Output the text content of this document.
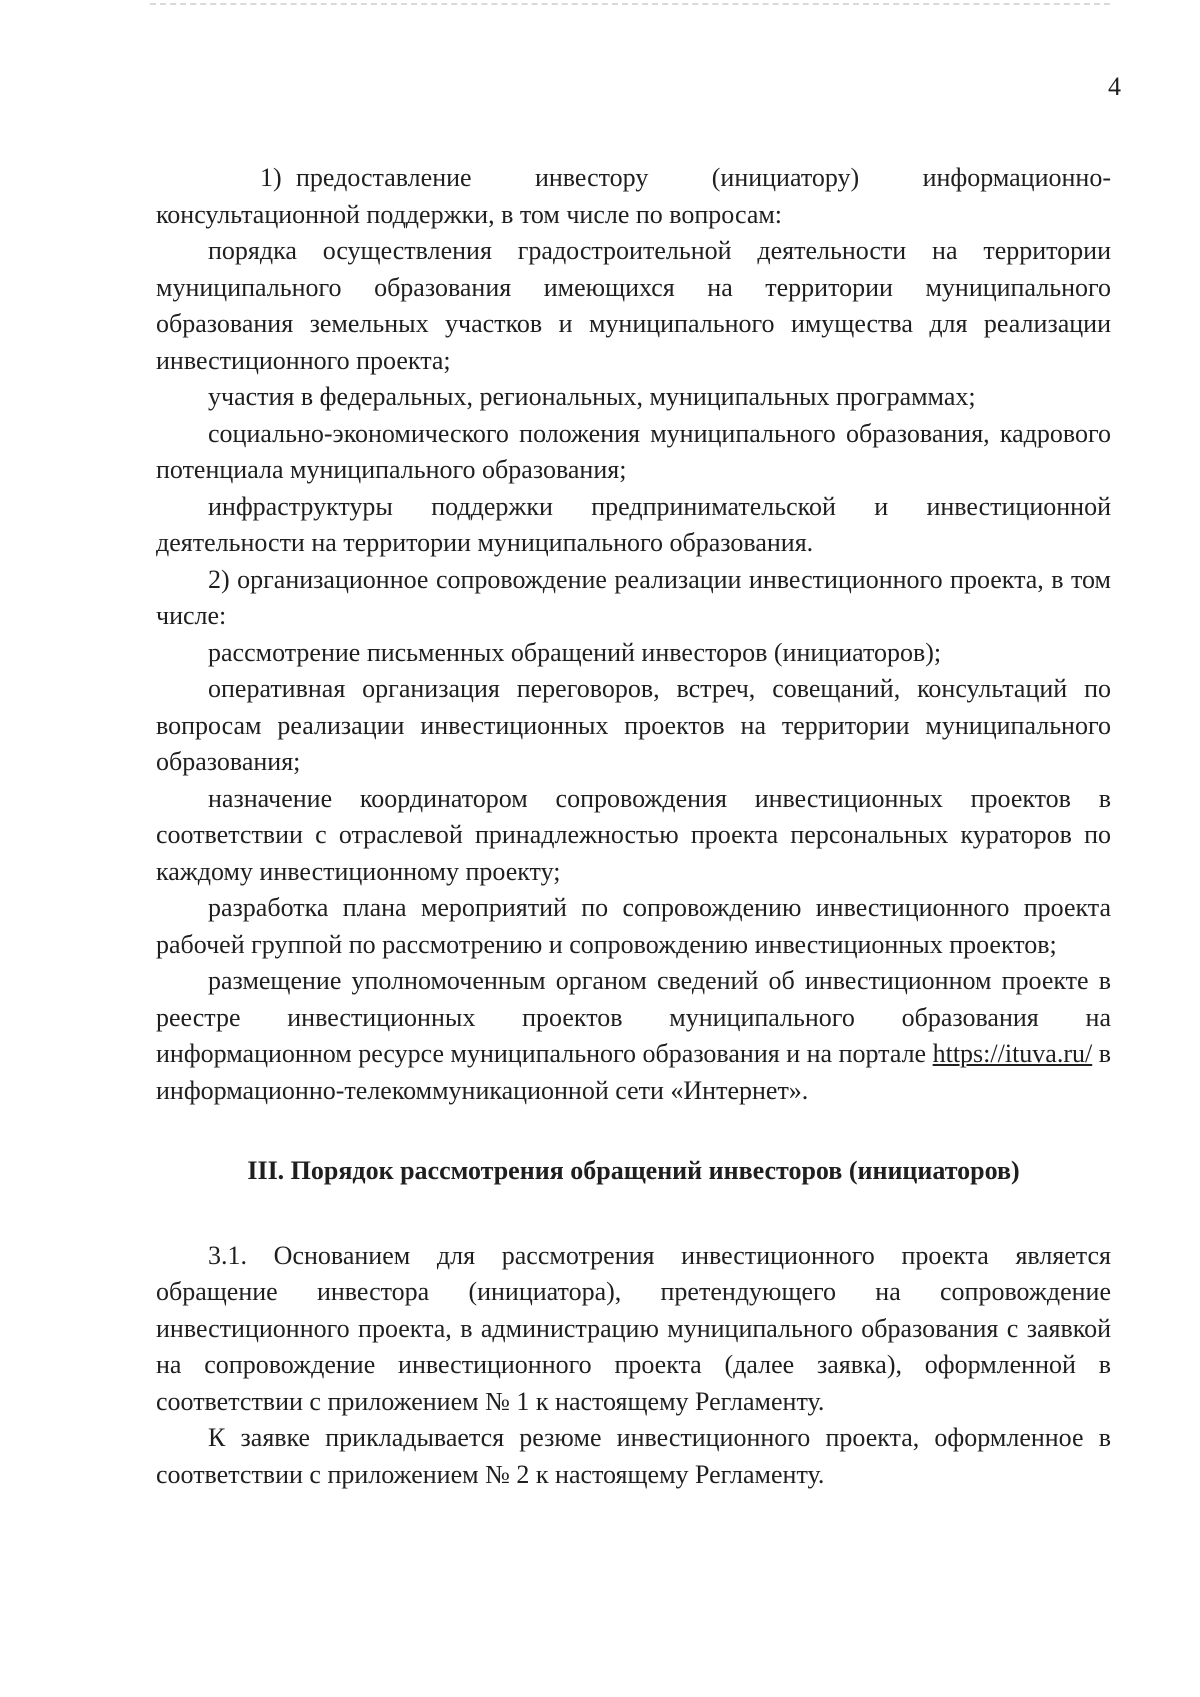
4

1) предоставление инвестору (инициатору) информационно-консультационной поддержки, в том числе по вопросам:

порядка осуществления градостроительной деятельности на территории муниципального образования имеющихся на территории муниципального образования земельных участков и муниципального имущества для реализации инвестиционного проекта;

участия в федеральных, региональных, муниципальных программах;

социально-экономического положения муниципального образования, кадрового потенциала муниципального образования;

инфраструктуры поддержки предпринимательской и инвестиционной деятельности на территории муниципального образования.

2) организационное сопровождение реализации инвестиционного проекта, в том числе:

рассмотрение письменных обращений инвесторов (инициаторов);

оперативная организация переговоров, встреч, совещаний, консультаций по вопросам реализации инвестиционных проектов на территории муниципального образования;

назначение координатором сопровождения инвестиционных проектов в соответствии с отраслевой принадлежностью проекта персональных кураторов по каждому инвестиционному проекту;

разработка плана мероприятий по сопровождению инвестиционного проекта рабочей группой по рассмотрению и сопровождению инвестиционных проектов;

размещение уполномоченным органом сведений об инвестиционном проекте в реестре инвестиционных проектов муниципального образования на информационном ресурсе муниципального образования и на портале https://ituva.ru/ в информационно-телекоммуникационной сети «Интернет».

III. Порядок рассмотрения обращений инвесторов (инициаторов)

3.1. Основанием для рассмотрения инвестиционного проекта является обращение инвестора (инициатора), претендующего на сопровождение инвестиционного проекта, в администрацию муниципального образования с заявкой на сопровождение инвестиционного проекта (далее заявка), оформленной в соответствии с приложением № 1 к настоящему Регламенту.

К заявке прикладывается резюме инвестиционного проекта, оформленное в соответствии с приложением № 2 к настоящему Регламенту.
